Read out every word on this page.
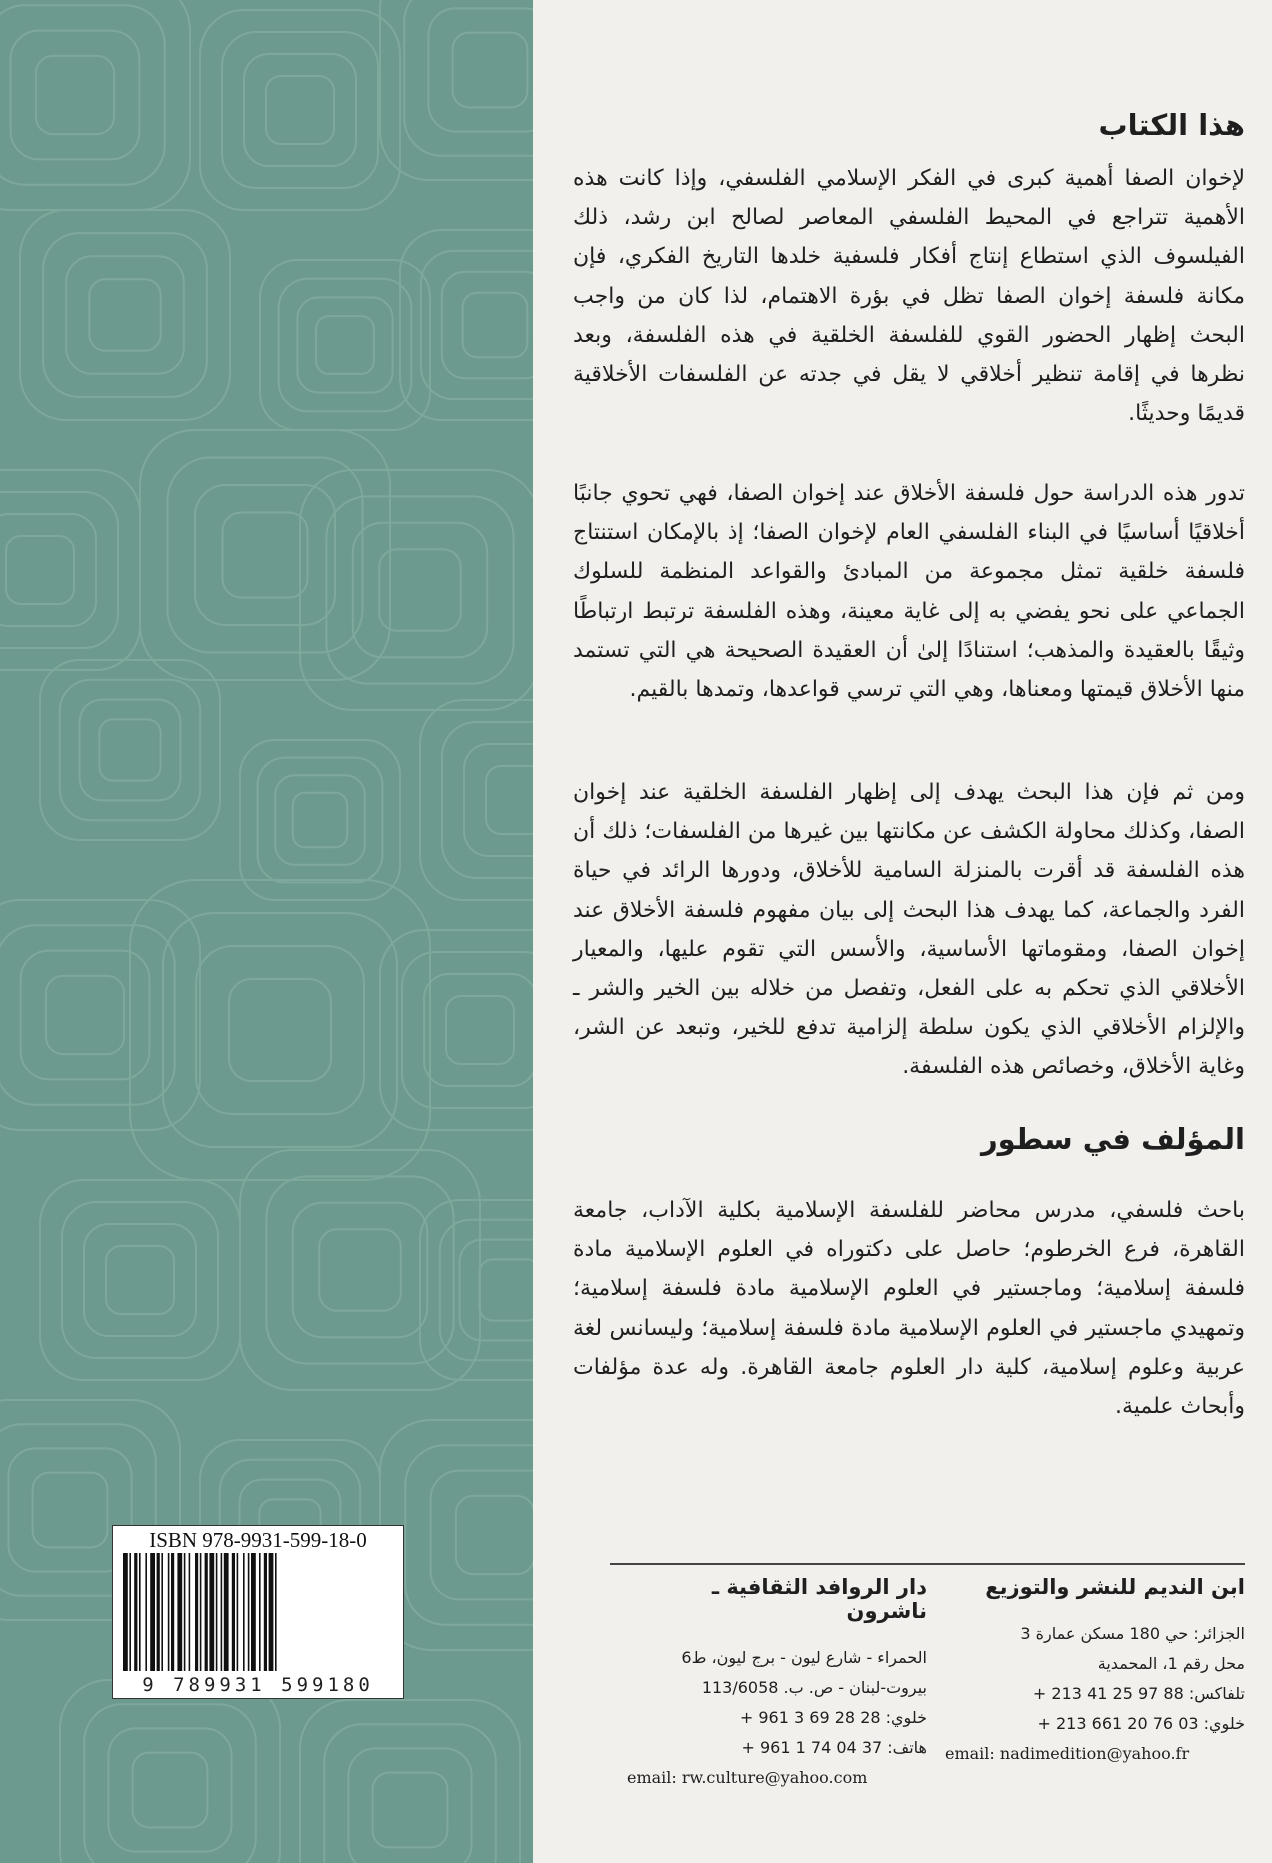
ISBN 978-9931-599-18-0
9 789931 599180
هذا الكتاب

لإخوان الصفا أهمية كبرى في الفكر الإسلامي الفلسفي، وإذا كانت هذه الأهمية تتراجع في المحيط الفلسفي المعاصر لصالح ابن رشد، ذلك الفيلسوف الذي استطاع إنتاج أفكار فلسفية خلدها التاريخ الفكري، فإن مكانة فلسفة إخوان الصفا تظل في بؤرة الاهتمام، لذا كان من واجب البحث إظهار الحضور القوي للفلسفة الخلقية في هذه الفلسفة، وبعد نظرها في إقامة تنظير أخلاقي لا يقل في جدته عن الفلسفات الأخلاقية قديمًا وحديثًا.

تدور هذه الدراسة حول فلسفة الأخلاق عند إخوان الصفا، فهي تحوي جانبًا أخلاقيًا أساسيًا في البناء الفلسفي العام لإخوان الصفا؛ إذ بالإمكان استنتاج فلسفة خلقية تمثل مجموعة من المبادئ والقواعد المنظمة للسلوك الجماعي على نحو يفضي به إلى غاية معينة، وهذه الفلسفة ترتبط ارتباطًا وثيقًا بالعقيدة والمذهب؛ استنادًا إلىٰ أن العقيدة الصحيحة هي التي تستمد منها الأخلاق قيمتها ومعناها، وهي التي ترسي قواعدها، وتمدها بالقيم.

ومن ثم فإن هذا البحث يهدف إلى إظهار الفلسفة الخلقية عند إخوان الصفا، وكذلك محاولة الكشف عن مكانتها بين غيرها من الفلسفات؛ ذلك أن هذه الفلسفة قد أقرت بالمنزلة السامية للأخلاق، ودورها الرائد في حياة الفرد والجماعة، كما يهدف هذا البحث إلى بيان مفهوم فلسفة الأخلاق عند إخوان الصفا، ومقوماتها الأساسية، والأسس التي تقوم عليها، والمعيار الأخلاقي الذي تحكم به على الفعل، وتفصل من خلاله بين الخير والشر ـ والإلزام الأخلاقي الذي يكون سلطة إلزامية تدفع للخير، وتبعد عن الشر، وغاية الأخلاق، وخصائص هذه الفلسفة.

المؤلف في سطور

باحث فلسفي، مدرس محاضر للفلسفة الإسلامية بكلية الآداب، جامعة القاهرة، فرع الخرطوم؛ حاصل على دكتوراه في العلوم الإسلامية مادة فلسفة إسلامية؛ وماجستير في العلوم الإسلامية مادة فلسفة إسلامية؛ وتمهيدي ماجستير في العلوم الإسلامية مادة فلسفة إسلامية؛ وليسانس لغة عربية وعلوم إسلامية، كلية دار العلوم جامعة القاهرة. وله عدة مؤلفات وأبحاث علمية.

ابن النديم للنشر والتوزيع

الجزائر: حي 180 مسكن عمارة 3

محل رقم 1، المحمدية

تلفاكس: 88 97 25 41 213 +

خلوي: 03 76 20 661 213 +

email: nadimedition@yahoo.fr

دار الروافد الثقافية ـ ناشرون

الحمراء - شارع ليون - برج ليون، ط6

بيروت-لبنان - ص. ب. 113/6058

خلوي: 28 28 69 3 961 +

هاتف: 37 04 74 1 961 +

email: rw.culture@yahoo.com
